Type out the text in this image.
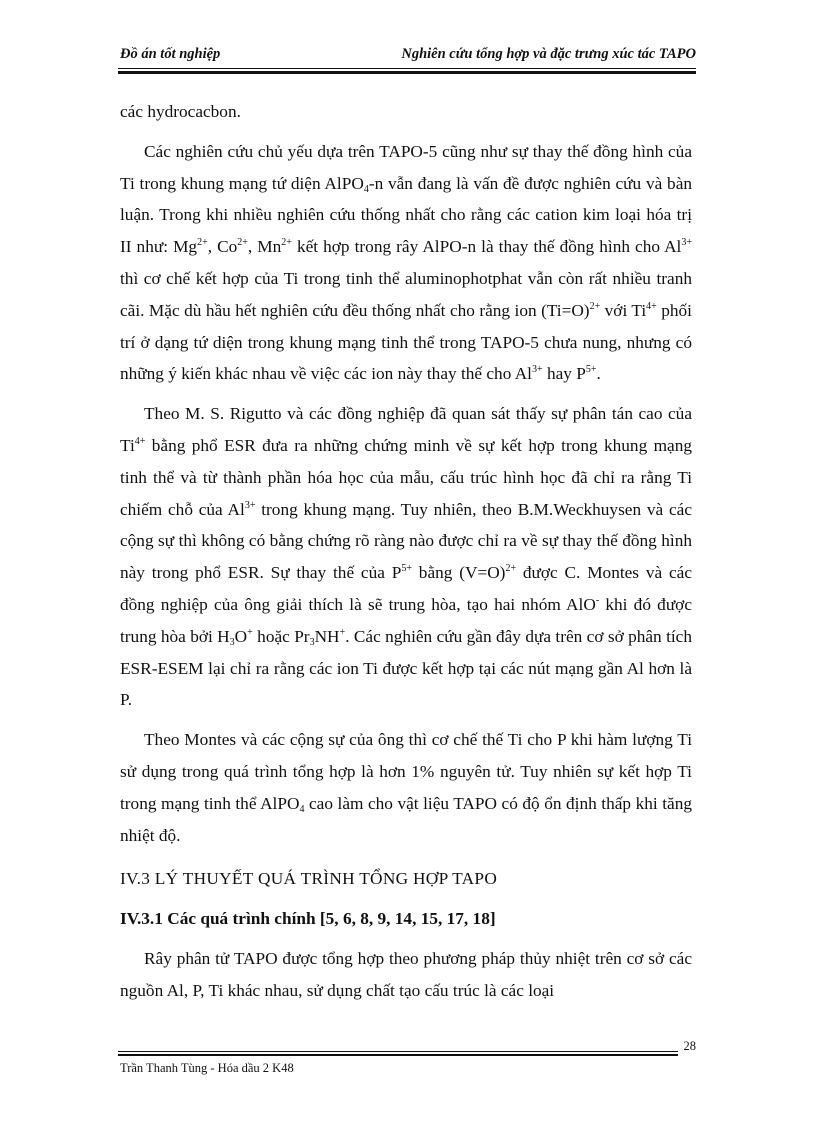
Đồ án tốt nghiệp	Nghiên cứu tổng hợp và đặc trưng xúc tác TAPO

các hydrocacbon.

Các nghiên cứu chủ yếu dựa trên TAPO-5 cũng như sự thay thế đồng hình của Ti trong khung mạng tứ diện AlPO$_4$-n vẫn đang là vấn đề được nghiên cứu và bàn luận. Trong khi nhiều nghiên cứu thống nhất cho rằng các cation kim loại hóa trị II như: $Mg^{2+}$, $Co^{2+}$, $Mn^{2+}$ kết hợp trong rây AlPO-n là thay thế đồng hình cho $Al^{3+}$ thì cơ chế kết hợp của Ti trong tinh thể aluminophotphat vẫn còn rất nhiều tranh cãi. Mặc dù hầu hết nghiên cứu đều thống nhất cho rằng ion (Ti=O)$^{2+}$ với $Ti^{4+}$ phối trí ở dạng tứ diện trong khung mạng tinh thể trong TAPO-5 chưa nung, nhưng có những ý kiến khác nhau về việc các ion này thay thế cho $Al^{3+}$ hay $P^{5+}$.

Theo M. S. Rigutto và các đồng nghiệp đã quan sát thấy sự phân tán cao của $Ti^{4+}$ bằng phổ ESR đưa ra những chứng minh về sự kết hợp trong khung mạng tinh thể và từ thành phần hóa học của mẫu, cấu trúc hình học đã chỉ ra rằng Ti chiếm chỗ của $Al^{3+}$ trong khung mạng. Tuy nhiên, theo B.M.Weckhuysen và các cộng sự thì không có bằng chứng rõ ràng nào được chỉ ra về sự thay thế đồng hình này trong phổ ESR. Sự thay thế của $P^{5+}$ bằng (V=O)$^{2+}$ được C. Montes và các đồng nghiệp của ông giải thích là sẽ trung hòa, tạo hai nhóm AlO- khi đó được trung hòa bởi $H_3O^+$ hoặc $Pr_3NH^+$. Các nghiên cứu gần đây dựa trên cơ sở phân tích ESR-ESEM lại chỉ ra rằng các ion Ti được kết hợp tại các nút mạng gần Al hơn là P.

Theo Montes và các cộng sự của ông thì cơ chế thế Ti cho P khi hàm lượng Ti sử dụng trong quá trình tổng hợp là hơn 1% nguyên tử. Tuy nhiên sự kết hợp Ti trong mạng tinh thể AlPO$_4$ cao làm cho vật liệu TAPO có độ ổn định thấp khi tăng nhiệt độ.

IV.3 LÝ THUYẾT QUÁ TRÌNH TỔNG HỢP TAPO

IV.3.1 Các quá trình chính [5, 6, 8, 9, 14, 15, 17, 18]

Rây phân tử TAPO được tổng hợp theo phương pháp thủy nhiệt trên cơ sở các nguồn Al, P, Ti khác nhau, sử dụng chất tạo cấu trúc là các loại

28
Trần Thanh Tùng - Hóa dầu 2 K48
